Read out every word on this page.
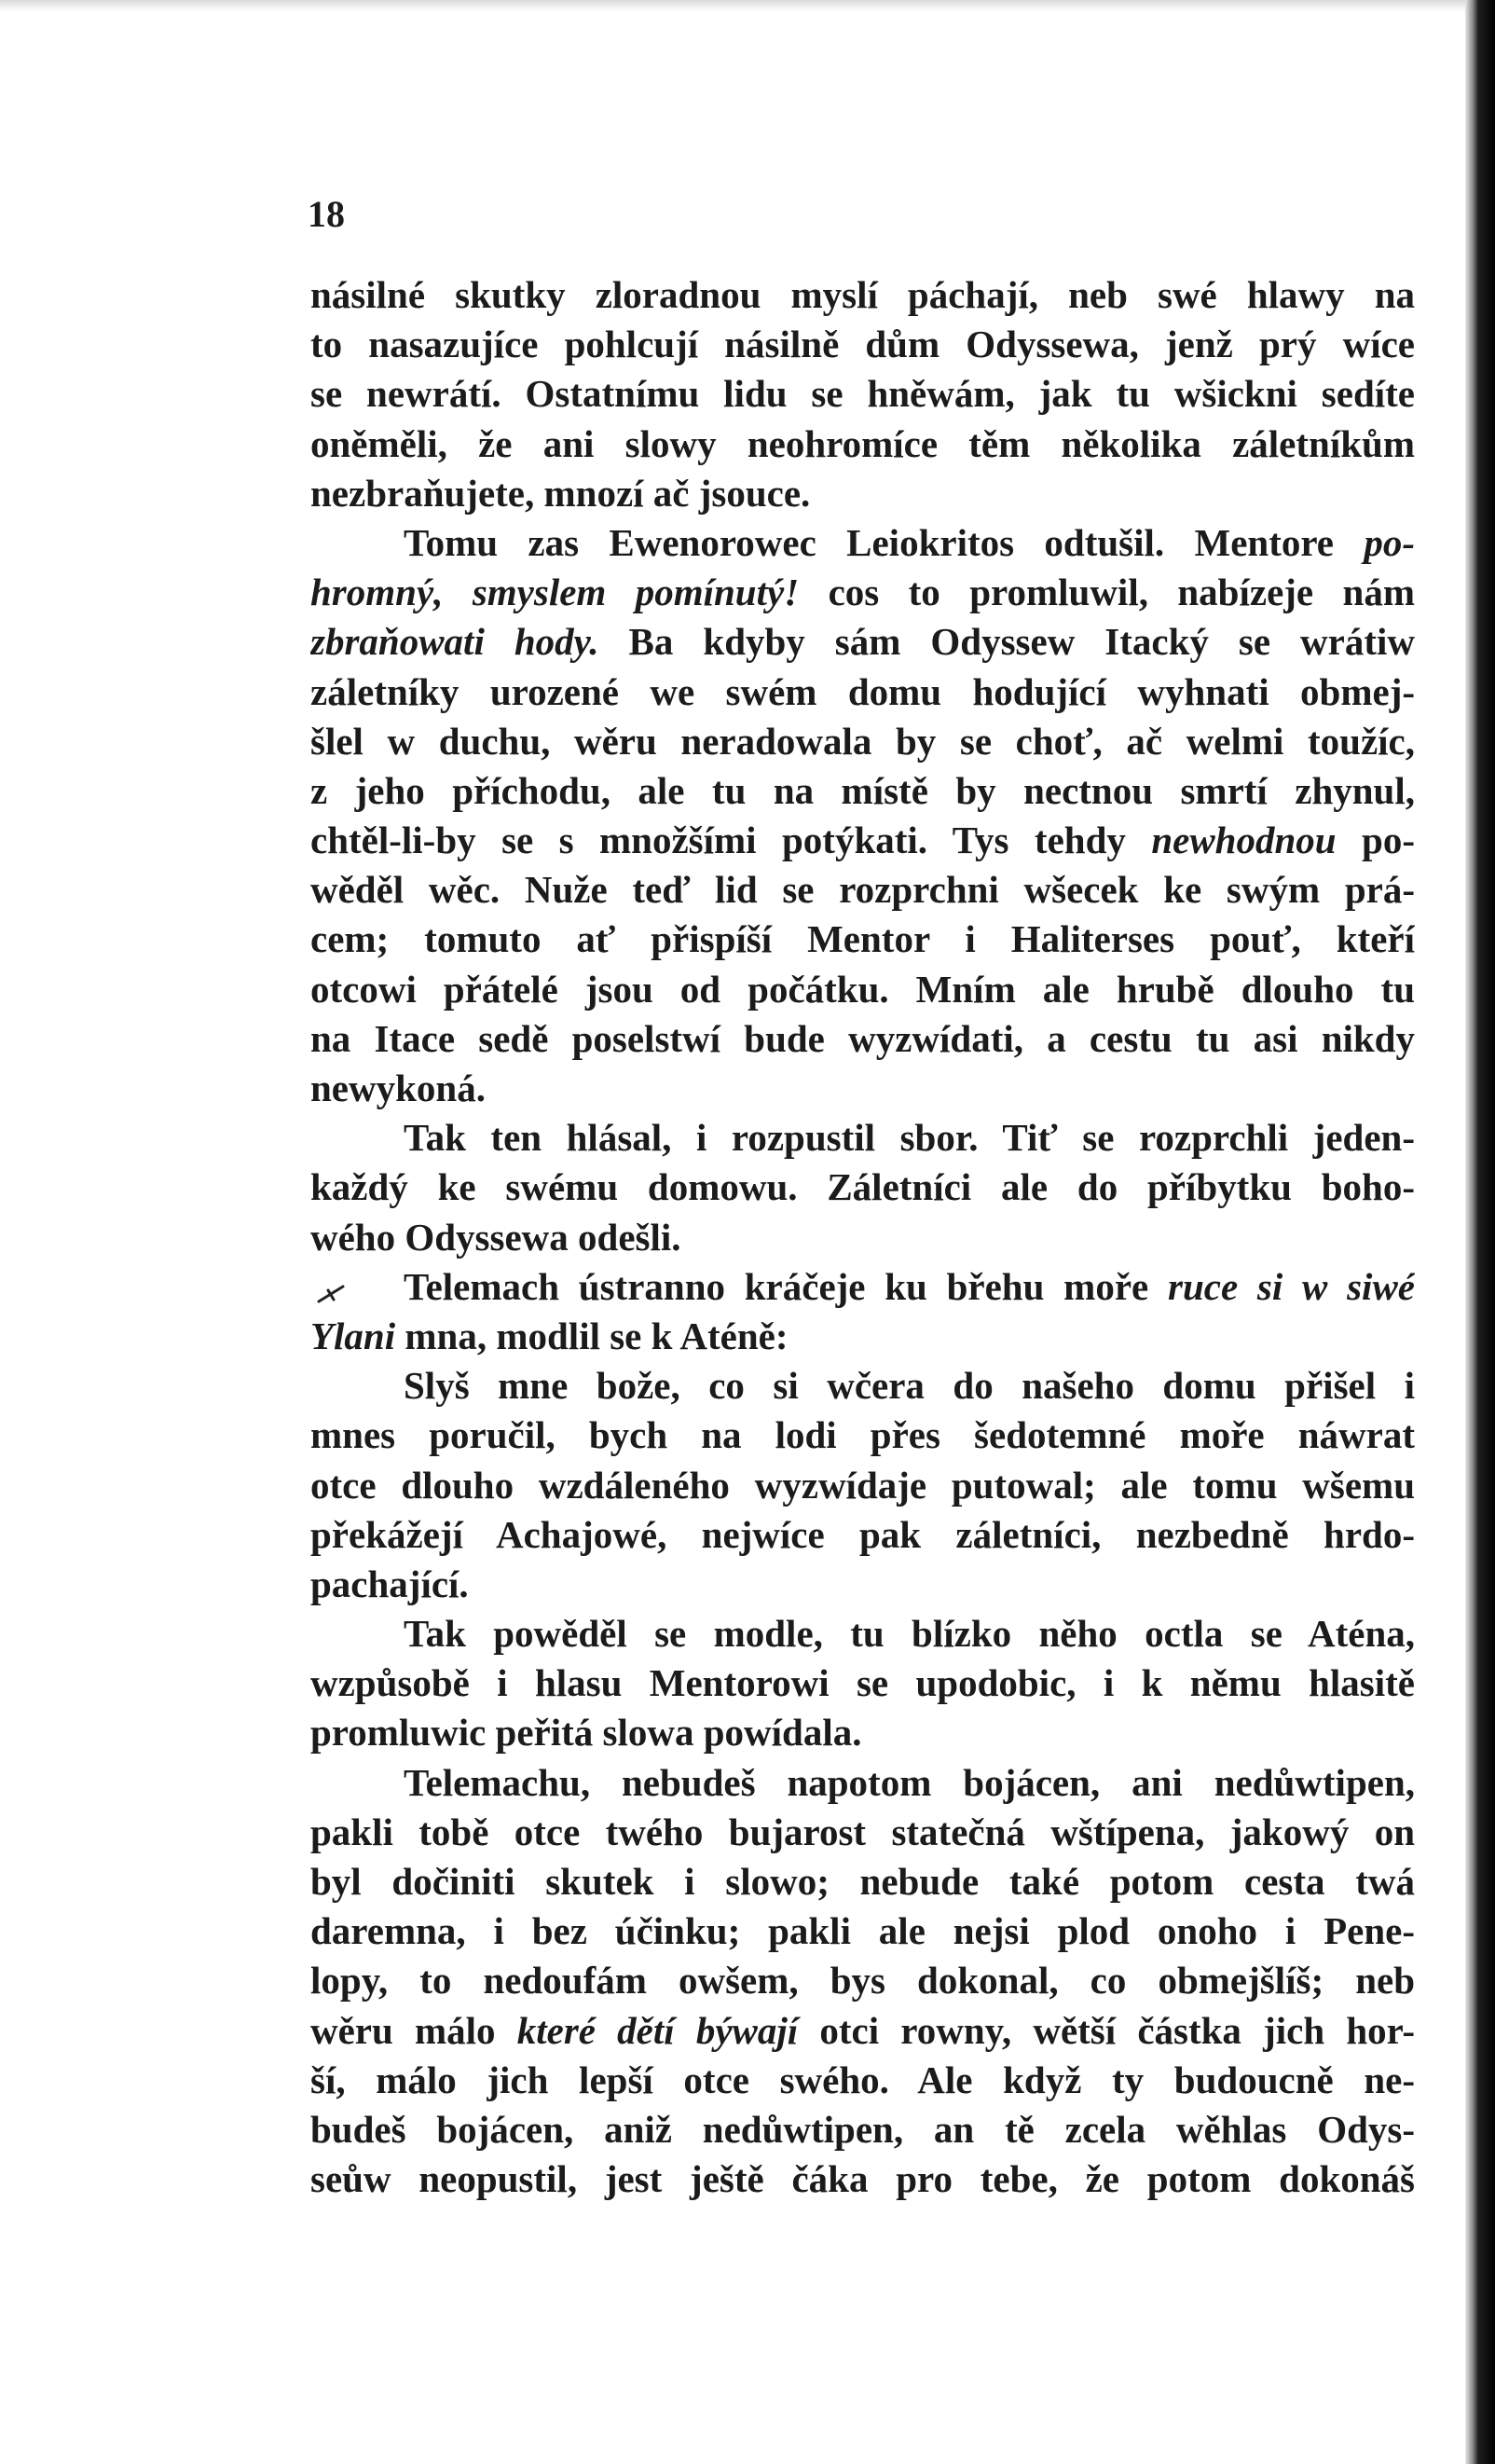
18
násilné skutky zloradnou myslí páchají, neb swé hlawy na
to nasazujíce pohlcují násilně dům Odyssewa, jenž prý wíce
se newrátí. Ostatnímu lidu se hněwám, jak tu wšickni sedíte
oněměli, že ani slowy neohromíce těm několika záletníkům
nezbraňujete, mnozí ač jsouce.
Tomu zas Ewenorowec Leiokritos odtušil. Mentore po-
hromný, smyslem pomínutý! cos to promluwil, nabízeje nám
zbraňowati hody. Ba kdyby sám Odyssew Itacký se wrátiw
záletníky urozené we swém domu hodující wyhnati obmej-
šlel w duchu, wěru neradowala by se choť, ač welmi toužíc,
z jeho příchodu, ale tu na místě by nectnou smrtí zhynul,
chtěl-li-by se s množšími potýkati. Tys tehdy newhodnou po-
wěděl wěc. Nuže teď lid se rozprchni wšecek ke swým prá-
cem; tomuto ať přispíší Mentor i Haliterses pouť, kteří
otcowi přátelé jsou od počátku. Mním ale hrubě dlouho tu
na Itace sedě poselstwí bude wyzwídati, a cestu tu asi nikdy
newykoná.
Tak ten hlásal, i rozpustil sbor. Tiť se rozprchli jeden-
každý ke swému domowu. Záletníci ale do příbytku boho-
wého Odyssewa odešli.
Telemach ústranno kráčeje ku břehu moře ruce si w siwé
Ylani mna, modlil se k Aténě:
Slyš mne bože, co si wčera do našeho domu přišel i
mnes poručil, bych na lodi přes šedotemné moře náwrat
otce dlouho wzdáleného wyzwídaje putowal; ale tomu wšemu
překážejí Achajowé, nejwíce pak záletníci, nezbedně hrdo-
pachající.
Tak powěděl se modle, tu blízko něho octla se Aténa,
wzpůsobě i hlasu Mentorowi se upodobic, i k němu hlasitě
promluwic peřitá slowa powídala.
Telemachu, nebudeš napotom bojácen, ani nedůwtipen,
pakli tobě otce twého bujarost statečná wštípena, jakowý on
byl dočiniti skutek i slowo; nebude také potom cesta twá
daremna, i bez účinku; pakli ale nejsi plod onoho i Pene-
lopy, to nedoufám owšem, bys dokonal, co obmejšlíš; neb
wěru málo které dětí býwají otci rowny, wětší částka jich hor-
ší, málo jich lepší otce swého. Ale když ty budoucně ne-
budeš bojácen, aniž nedůwtipen, an tě zcela wěhlas Odys-
seůw neopustil, jest ještě čáka pro tebe, že potom dokonáš
